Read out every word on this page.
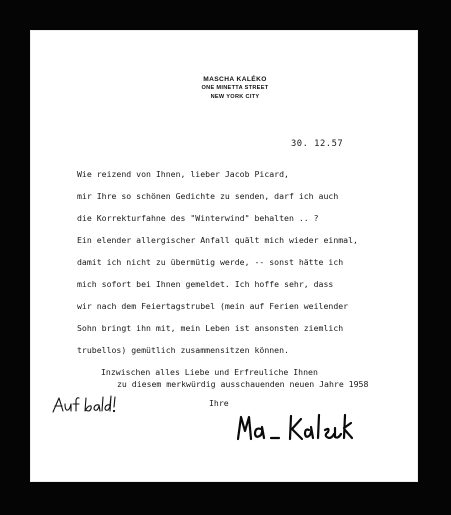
MASCHA KALÉKO
ONE MINETTA STREET
NEW YORK CITY
30. 12.57
Wie reizend von Ihnen, lieber Jacob Picard,
mir Ihre so schönen Gedichte zu senden, darf ich auch
die Korrekturfahne des "Winterwind" behalten .. ?
Ein elender allergischer Anfall quält mich wieder einmal,
damit ich nicht zu übermütig werde, -- sonst hätte ich
mich sofort bei Ihnen gemeldet. Ich hoffe sehr, dass
wir nach dem Feiertagstrubel (mein auf Ferien weilender
Sohn bringt ihn mit, mein Leben ist ansonsten ziemlich
trubellos) gemütlich zusammensitzen können.
Inzwischen alles Liebe und Erfreuliche Ihnen
zu diesem merkwürdig ausschauenden neuen Jahre 1958
Ihre
